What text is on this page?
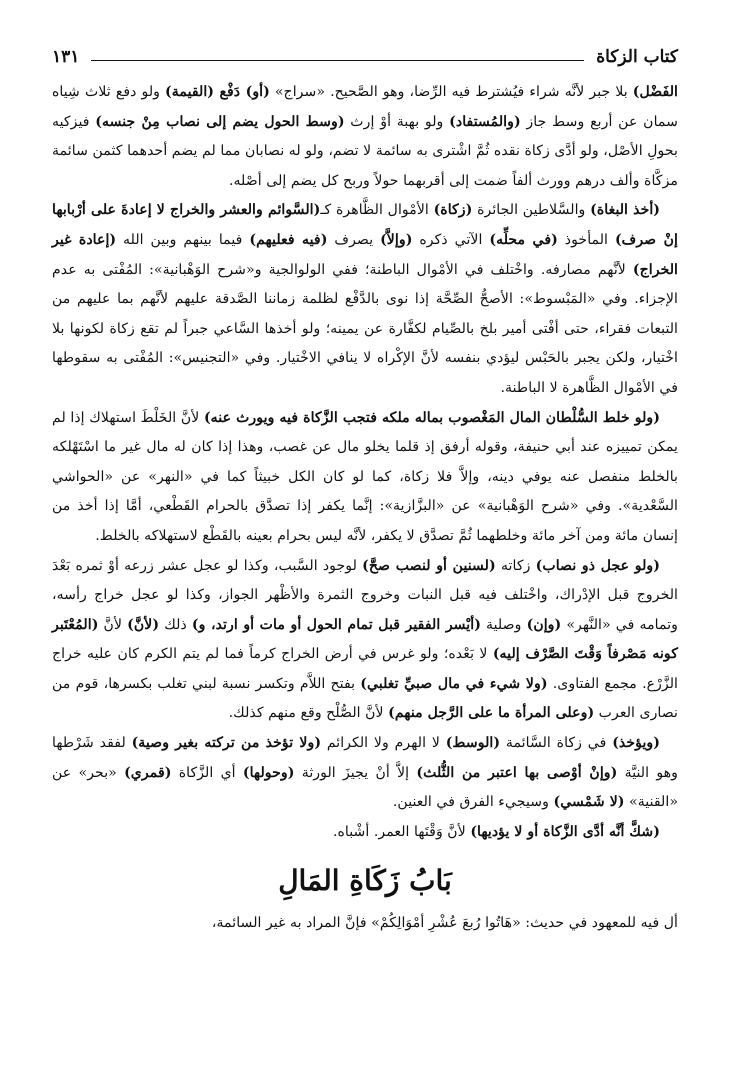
كتاب الزكاة
١٣١

الفَضْل) بلا جبر لأنَّه شراء فيُشترط فيه الرِّضا، وهو الصَّحيح. «سراج» (أو) دَفْع (القيمة) ولو دفع ثلاث شِياه سمان عن أربع وسط جاز (والمُستفاد) ولو بهبة أوْ إرث (وسط الحول يضم إلى نصاب مِنْ جنسه) فيزكيه بحولِ الأصْل، ولو أدَّى زكاة نقده ثُمَّ اشْترى به سائمة لا تضم، ولو له نصابان مما لم يضم أحدهما كثمن سائمة مزكَّاة وألف درهم وورث ألفاً ضمت إلى أقربهما حولاً وربح كل يضم إلى أصْله.

(أخذ البغاة) والسَّلاطين الجائرة (زكاة) الأمْوال الظَّاهرة كـ(السَّوائم والعشر والخراج لا إعادةَ على أرْبابها إنْ صرف) المأخوذ (في محلِّه) الآتي ذكره (وإلاَّ) يصرف (فيه فعليهم) فيما بينهم وبين الله (إعادة غير الخراج) لأنَّهم مصارفه. واخْتلف في الأمْوال الباطنة؛ ففي الولوالجية و«شرح الوَهْبانية»: المُفْتى به عدم الإجزاء. وفي «المَبْسوط»: الأصحُّ الصِّحَّة إذا نوى بالدَّفْع لظلمة زماننا الصَّدقة عليهم لأنَّهم بما عليهم من التبعات فقراء، حتى أفْتى أمير بلخ بالصِّيام لكفَّارة عن يمينه؛ ولو أخذها السَّاعي جبراً لم تقع زكاة لكونها بلا اخْتيار، ولكن يجبر بالحَبْس ليؤدي بنفسه لأنَّ الإكْراه لا ينافي الاخْتيار. وفي «التجنيس»: المُفْتى به سقوطها في الأمْوال الظَّاهرة لا الباطنة.

(ولو خلط السُّلْطان المال المَغْصوب بماله ملكه فتجب الزَّكاة فيه ويورث عنه) لأنَّ الخَلْطَ استهلاك إذا لم يمكن تمييزه عند أبي حنيفة، وقوله أرفق إذ قلما يخلو مال عن غصب، وهذا إذا كان له مال غير ما اسْتَهْلكه بالخلط منفصل عنه يوفي دينه، وإلاَّ فلا زكاة، كما لو كان الكل خبيثاً كما في «النهر» عن «الحواشي السَّعْدية». وفي «شرح الوَهْبانية» عن «البزَّازية»: إنَّما يكفر إذا تصدَّق بالحرام القَطْعي، أمَّا إذا أخذ من إنسان مائة ومن آخر مائة وخلطهما ثُمَّ تصدَّق لا يكفر، لأنَّه ليس بحرام بعينه بالقَطْع لاستهلاكه بالخلط.

(ولو عجل ذو نصاب) زكاته (لسنين أو لنصب صحَّ) لوجود السَّبب، وكذا لو عجل عشر زرعه أوْ ثمره بَعْدَ الخروج قبل الإدْراك، واخْتلف فيه قبل النبات وخروج الثمرة والأظْهر الجواز، وكذا لو عجل خراج رأسه، وتمامه في «النَّهر» (وإن) وصلية (أيْسر الفقير قبل تمام الحول أو مات أو ارتد، و) ذلك (لأنَّ) لأنَّ (المُعْتَبر كونه مَصْرفاً وَقْتَ الصَّرْف إليه) لا بَعْده؛ ولو غرس في أرض الخراج كرماً فما لم يتم الكرم كان عليه خراج الزَّرْع. مجمع الفتاوى. (ولا شيء في مال صبيِّ تغلبي) بفتح اللاَّم وتكسر نسبة لبني تغلب بكسرها، قوم من نصارى العرب (وعلى المرأة ما على الرَّجل منهم) لأنَّ الصُّلْح وقع منهم كذلك.

(ويؤخذ) في زكاة السَّائمة (الوسط) لا الهرم ولا الكرائم (ولا تؤخذ من تركته بغير وصية) لفقد شَرْطها وهو النيَّة (وإنْ أوْصى بها اعتبر من الثُّلث) إلاَّ أنْ يجيزَ الورثة (وحولها) أي الزَّكاة (قمري) «بحر» عن «القنية» (لا شَمْسي) وسيجيء الفرق في العنين.

(شكَّ أنَّه أدَّى الزَّكاة أو لا يؤديها) لأنَّ وَقْتَها العمر. أشْباه.

بَابُ زَكَاةِ المَالِ

أل فيه للمعهود في حديث: «هَاتُوا رُبعَ عُشْرِ أمْوَالِكُمْ» فإنَّ المراد به غير السائمة،
